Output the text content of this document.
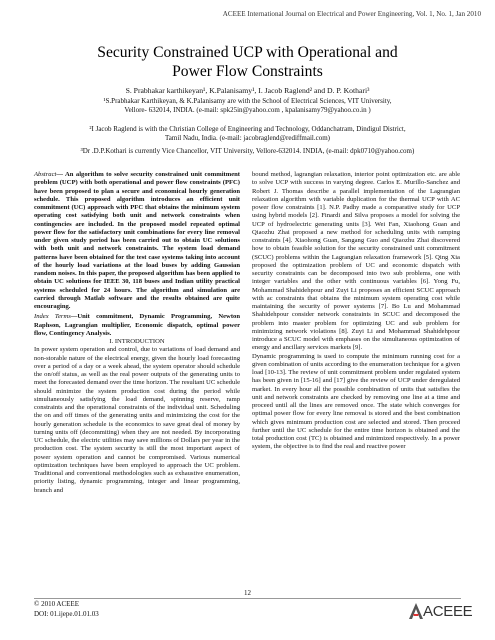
ACEEE International Journal on Electrical and Power Engineering, Vol. 1, No. 1, Jan 2010
Security Constrained UCP with Operational and
Power Flow Constraints
S. Prabhakar karthikeyan¹, K.Palanisamy¹, I. Jacob Raglend² and D. P. Kothari³
¹S.Prabhakar Karthikeyan, & K.Palanisamy are with the School of Electrical Sciences, VIT University,
Vellore- 632014, INDIA. (e-mail: spk25in@yahoo.com , kpalanisamy79@yahoo.co.in )
²I Jacob Raglend is with the Christian College of Engineering and Technology, Oddanchatram, Dindigul District,
Tamil Nadu, India. (e-mail: jacobraglend@rediffmail.com)
³Dr .D.P.Kothari is currently Vice Chancellor, VIT University, Vellore-632014. INDIA, (e-mail: dpk0710@yahoo.com)

Abstract— An algorithm to solve security constrained unit commitment problem (UCP) with both operational and power flow constraints (PFC) have been proposed to plan a secure and economical hourly generation schedule. This proposed algorithm introduces an efficient unit commitment (UC) approach with PFC that obtains the minimum system operating cost satisfying both unit and network constraints when contingencies are included. In the proposed model repeated optimal power flow for the satisfactory unit combinations for every line removal under given study period has been carried out to obtain UC solutions with both unit and network constraints. The system load demand patterns have been obtained for the test case systems taking into account of the hourly load variations at the load buses by adding Gaussian random noises. In this paper, the proposed algorithm has been applied to obtain UC solutions for IEEE 30, 118 buses and Indian utility practical systems scheduled for 24 hours. The algorithm and simulation are carried through Matlab software and the results obtained are quite encouraging.

Index Terms—Unit commitment, Dynamic Programming, Newton Raphson, Lagrangian multiplier, Economic dispatch, optimal power flow, Contingency Analysis.

I. INTRODUCTION

In power system operation and control, due to variations of load demand and non-storable nature of the electrical energy, given the hourly load forecasting over a period of a day or a week ahead, the system operator should schedule the on/off status, as well as the real power outputs of the generating units to meet the forecasted demand over the time horizon. The resultant UC schedule should minimize the system production cost during the period while simultaneously satisfying the load demand, spinning reserve, ramp constraints and the operational constraints of the individual unit. Scheduling the on and off times of the generating units and minimizing the cost for the hourly generation schedule is the economics to save great deal of money by turning units off (decommiting) when they are not needed. By incorporating UC schedule, the electric utilities may save millions of Dollars per year in the production cost. The system security is still the most important aspect of power system operation and cannot be compromised. Various numerical optimization techniques have been employed to approach the UC problem. Traditional and conventional methodologies such as exhaustive enumeration, priority listing, dynamic programming, integer and linear programming, branch and

bound method, lagrangian relaxation, interior point optimization etc. are able to solve UCP with success in varying degree. Carlos E. Murillo-Sanchez and Robert J. Thomas describe a parallel implementation of the Lagrangian relaxation algorithm with variable duplication for the thermal UCP with AC power flow constraints [1]. N.P. Padhy made a comparative study for UCP using hybrid models [2]. Finardi and Silva proposes a model for solving the UCP of hydroelectric generating units [3]. Wei Fan, Xiaohong Guan and Qiaozhu Zhai proposed a new method for scheduling units with ramping constraints [4]. Xiaohong Guan, Sangang Guo and Qiaozhu Zhai discovered how to obtain feasible solution for the security constrained unit commitment (SCUC) problems within the Lagrangian relaxation framework [5]. Qing Xia proposed the optimization problem of UC and economic dispatch with security constraints can be decomposed into two sub problems, one with integer variables and the other with continuous variables [6]. Yong Fu, Mohammad Shahidehpour and Zuyi Li proposes an efficient SCUC approach with ac constraints that obtains the minimum system operating cost while maintaining the security of power systems [7]. Bo Lu and Mohammad Shahidehpour consider network constraints in SCUC and decomposed the problem into master problem for optimizing UC and sub problem for minimizing network violations [8]. Zuyi Li and Mohammad Shahidehpour introduce a SCUC model with emphases on the simultaneous optimization of energy and ancillary services markets [9].

Dynamic programming is used to compute the minimum running cost for a given combination of units according to the enumeration technique for a given load [10-13]. The review of unit commitment problem under regulated system has been given in [15-16] and [17] give the review of UCP under deregulated market. In every hour all the possible combination of units that satisfies the unit and network constraints are checked by removing one line at a time and proceed until all the lines are removed once. The state which converges for optimal power flow for every line removal is stored and the best combination which gives minimum production cost are selected and stored. Then proceed further until the UC schedule for the entire time horizon is obtained and the total production cost (TC) is obtained and minimized respectively. In a power system, the objective is to find the real and reactive power

12
© 2010 ACEEE
DOI: 01.ijepe.01.01.03	ACEEE
